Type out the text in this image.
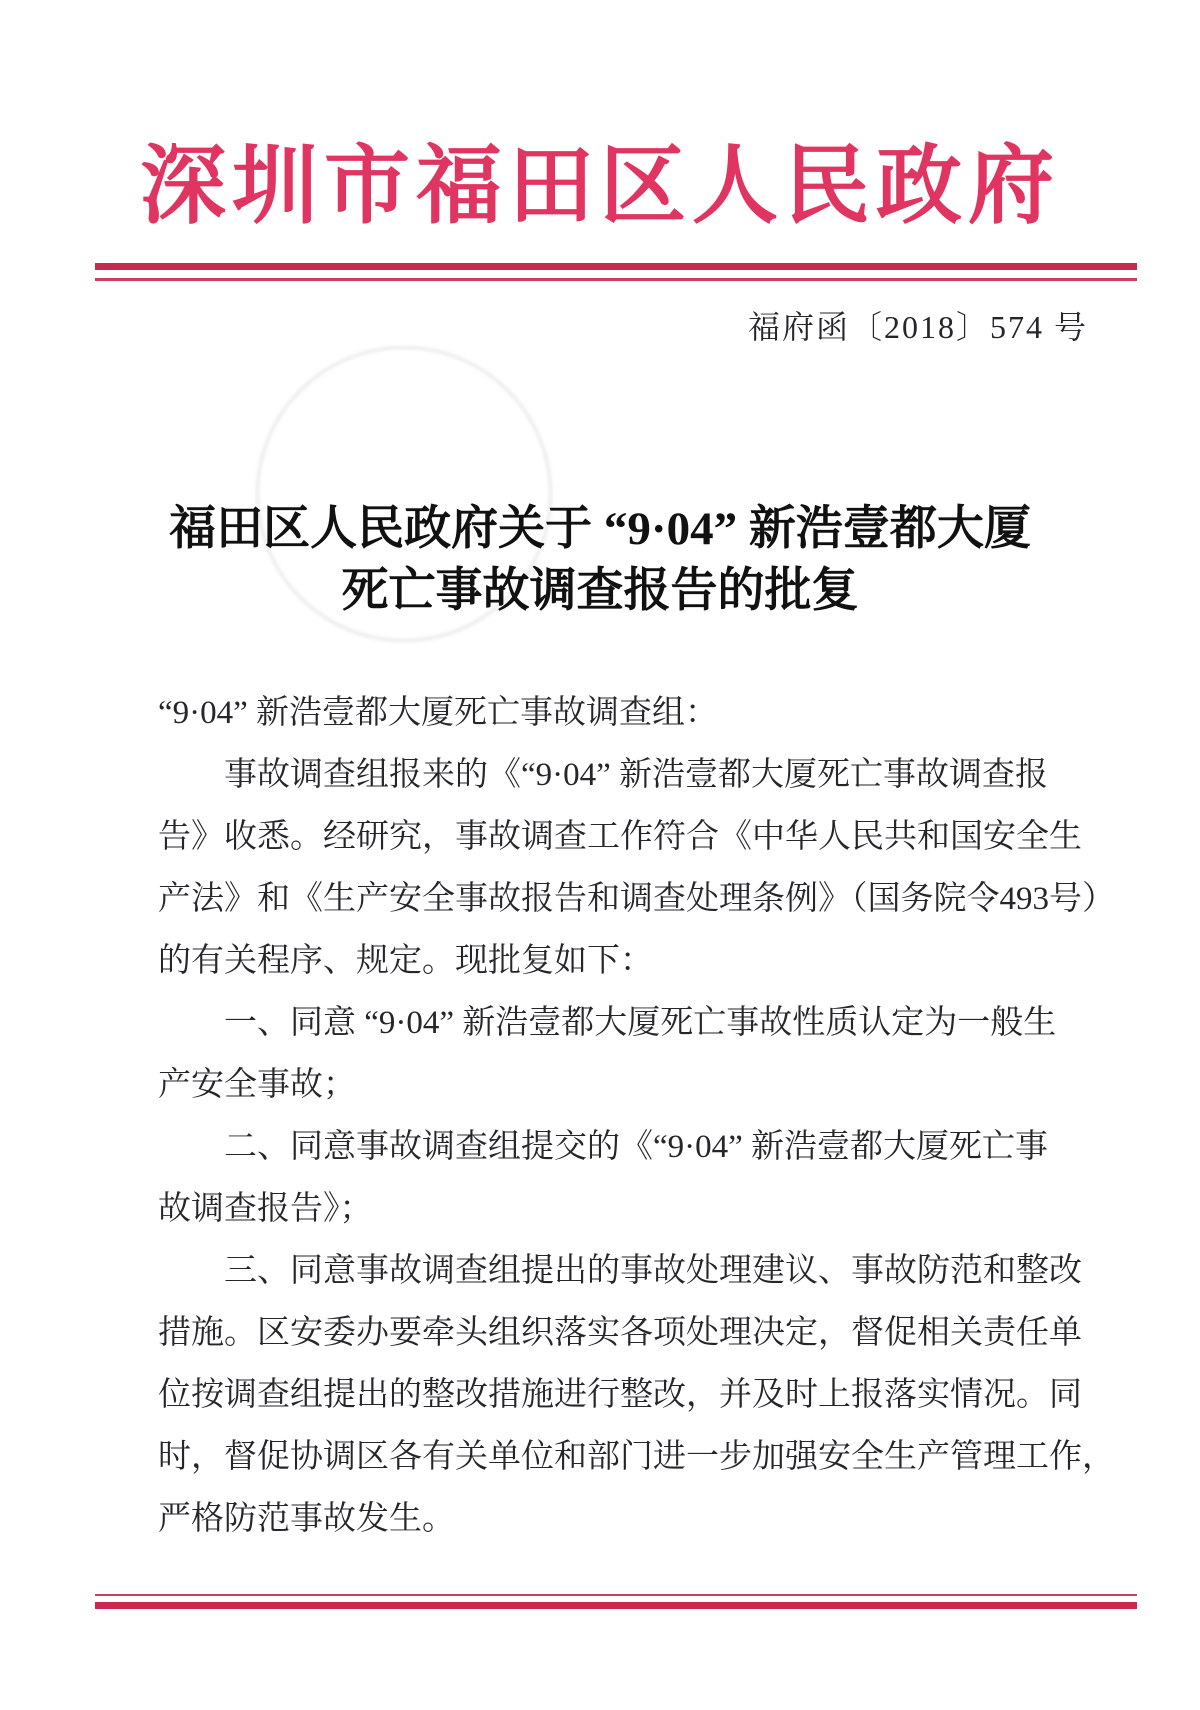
深圳市福田区人民政府
福府函〔2018〕574 号
福田区人民政府关于 “9·04” 新浩壹都大厦
死亡事故调查报告的批复

“9·04” 新浩壹都大厦死亡事故调查组：

事故调查组报来的《“9·04” 新浩壹都大厦死亡事故调查报

告》收悉。经研究，事故调查工作符合《中华人民共和国安全生

产法》和《生产安全事故报告和调查处理条例》（国务院令493号）

的有关程序、规定。现批复如下：

一、同意 “9·04” 新浩壹都大厦死亡事故性质认定为一般生

产安全事故；

二、同意事故调查组提交的《“9·04” 新浩壹都大厦死亡事

故调查报告》；

三、同意事故调查组提出的事故处理建议、事故防范和整改

措施。区安委办要牵头组织落实各项处理决定，督促相关责任单

位按调查组提出的整改措施进行整改，并及时上报落实情况。同

时，督促协调区各有关单位和部门进一步加强安全生产管理工作，

严格防范事故发生。
